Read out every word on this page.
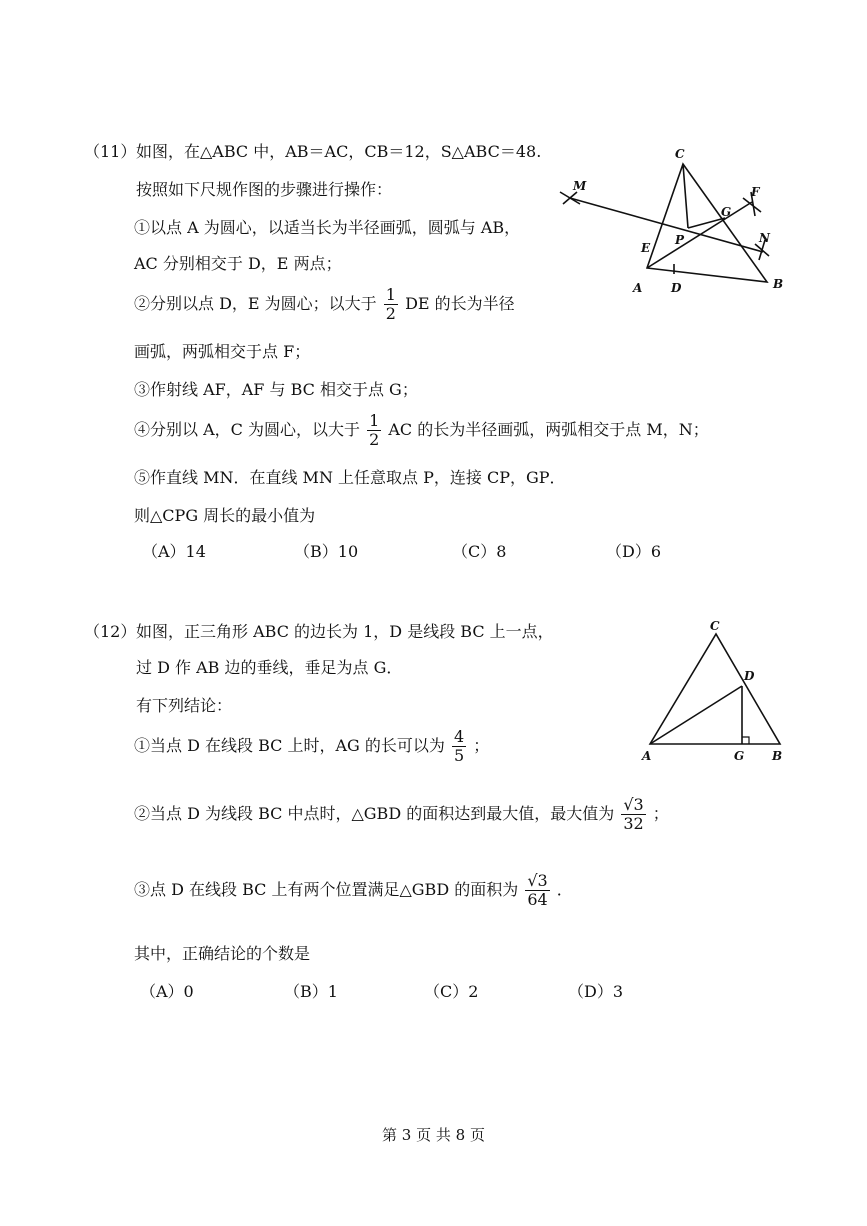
（11） 如图，在△ABC 中，AB＝AC，CB＝12，S△ABC＝48.
按照如下尺规作图的步骤进行操作：
①以点 A 为圆心，以适当长为半径画弧，圆弧与 AB，
AC 分别相交于 D，E 两点；
②分别以点 D，E 为圆心；以大于 $\frac{1}{2}$ DE 的长为半径
画弧，两弧相交于点 F；
③作射线 AF，AF 与 BC 相交于点 G；
④分别以 A，C 为圆心，以大于 $\frac{1}{2}$ AC 的长为半径画弧，两弧相交于点 M，N；
⑤作直线 MN．在直线 MN 上任意取点 P，连接 CP，GP．
则△CPG 周长的最小值为
（A）14	（B）10	（C）8	（D）6
C
M	F
G
E
P	N
A D	B
（12） 如图，正三角形 ABC 的边长为 1，D 是线段 BC 上一点，
过 D 作 AB 边的垂线，垂足为点 G．
有下列结论：
①当点 D 在线段 BC 上时，AG 的长可以为 $\frac{4}{5}$ ；
②当点 D 为线段 BC 中点时，△GBD 的面积达到最大值，最大值为 $\frac{√3}{32}$ ；
③点 D 在线段 BC 上有两个位置满足△GBD 的面积为 $\frac{√3}{64}$ ．
其中，正确结论的个数是
（A）0	（B）1	（C）2	（D）3
C
D
A	G B
第 3 页 共 8 页
